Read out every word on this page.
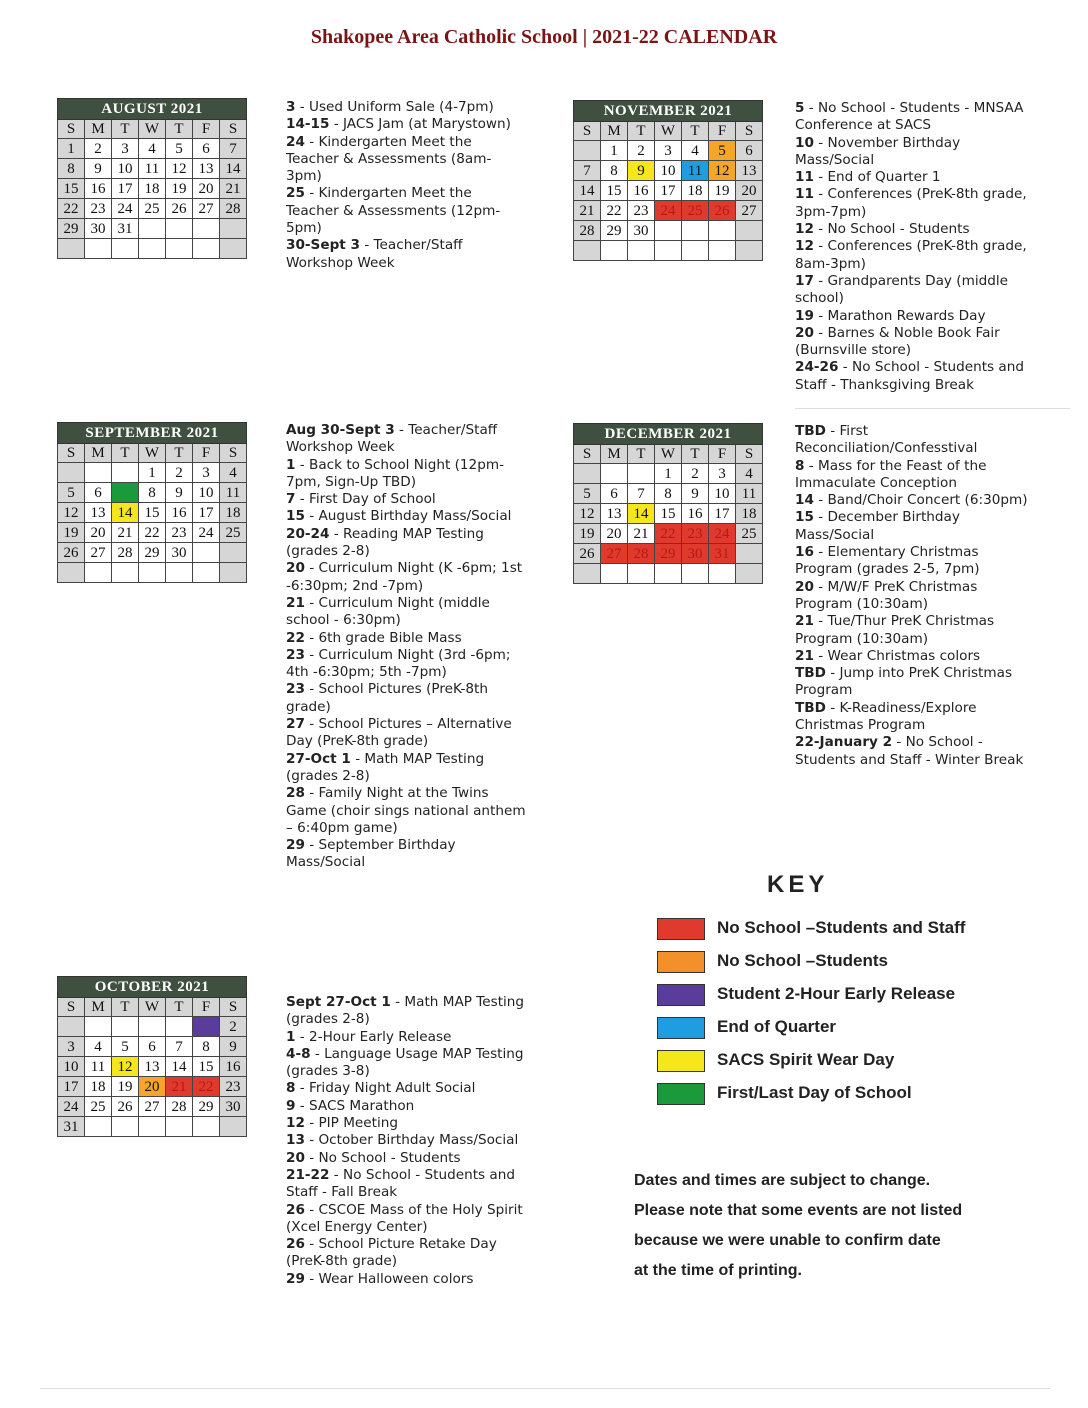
Shakopee Area Catholic School | 2021-22 CALENDAR
AUGUST 2021						
S	M	T	W	T	F	S
1	2	3	4	5	6	7
8	9	10	11	12	13	14
15	16	17	18	19	20	21
22	23	24	25	26	27	28
29	30	31				

SEPTEMBER 2021						
S	M	T	W	T	F	S
			1	2	3	4
5	6	7	8	9	10	11
12	13	14	15	16	17	18
19	20	21	22	23	24	25
26	27	28	29	30		

OCTOBER 2021						
S	M	T	W	T	F	S
					1	2
3	4	5	6	7	8	9
10	11	12	13	14	15	16
17	18	19	20	21	22	23
24	25	26	27	28	29	30
31						
NOVEMBER 2021						
S	M	T	W	T	F	S
	1	2	3	4	5	6
7	8	9	10	11	12	13
14	15	16	17	18	19	20
21	22	23	24	25	26	27
28	29	30				

DECEMBER 2021						
S	M	T	W	T	F	S
			1	2	3	4
5	6	7	8	9	10	11
12	13	14	15	16	17	18
19	20	21	22	23	24	25
26	27	28	29	30	31	

3 - Used Uniform Sale (4-7pm)

14-15 - JACS Jam (at Marystown)

24 - Kindergarten Meet the Teacher & Assessments (8am-3pm)

25 - Kindergarten Meet the Teacher & Assessments (12pm-5pm)

30-Sept 3 - Teacher/Staff Workshop Week

Aug 30-Sept 3 - Teacher/Staff Workshop Week

1 - Back to School Night (12pm-7pm, Sign-Up TBD)

7 - First Day of School

15 - August Birthday Mass/Social

20-24 - Reading MAP Testing (grades 2-8)

20 - Curriculum Night (K -6pm; 1st -6:30pm; 2nd -7pm)

21 - Curriculum Night (middle school - 6:30pm)

22 - 6th grade Bible Mass

23 - Curriculum Night (3rd -6pm; 4th -6:30pm; 5th -7pm)

23 - School Pictures (PreK-8th grade)

27 - School Pictures – Alternative Day (PreK-8th grade)

27-Oct 1 - Math MAP Testing (grades 2-8)

28 - Family Night at the Twins Game (choir sings national anthem – 6:40pm game)

29 - September Birthday Mass/Social

Sept 27-Oct 1 - Math MAP Testing (grades 2-8)

1 - 2-Hour Early Release

4-8 - Language Usage MAP Testing (grades 3-8)

8 - Friday Night Adult Social

9 - SACS Marathon

12 - PIP Meeting

13 - October Birthday Mass/Social

20 - No School - Students

21-22 - No School - Students and Staff - Fall Break

26 - CSCOE Mass of the Holy Spirit (Xcel Energy Center)

26 - School Picture Retake Day (PreK-8th grade)

29 - Wear Halloween colors

5 - No School - Students - MNSAA Conference at SACS

10 - November Birthday Mass/Social

11 - End of Quarter 1

11 - Conferences (PreK-8th grade, 3pm-7pm)

12 - No School - Students

12 - Conferences (PreK-8th grade, 8am-3pm)

17 - Grandparents Day (middle school)

19 - Marathon Rewards Day

20 - Barnes & Noble Book Fair (Burnsville store)

24-26 - No School - Students and Staff - Thanksgiving Break

TBD - First Reconciliation/Confesstival

8 - Mass for the Feast of the Immaculate Conception

14 - Band/Choir Concert (6:30pm)

15 - December Birthday Mass/Social

16 - Elementary Christmas Program (grades 2-5, 7pm)

20 - M/W/F PreK Christmas Program (10:30am)

21 - Tue/Thur PreK Christmas Program (10:30am)

21 - Wear Christmas colors

TBD - Jump into PreK Christmas Program

TBD - K-Readiness/Explore Christmas Program

22-January 2 - No School - Students and Staff - Winter Break

KEY
No School –Students and Staff
No School –Students
Student 2-Hour Early Release
End of Quarter
SACS Spirit Wear Day
First/Last Day of School

Dates and times are subject to change.

Please note that some events are not listed

because we were unable to confirm date

at the time of printing.
